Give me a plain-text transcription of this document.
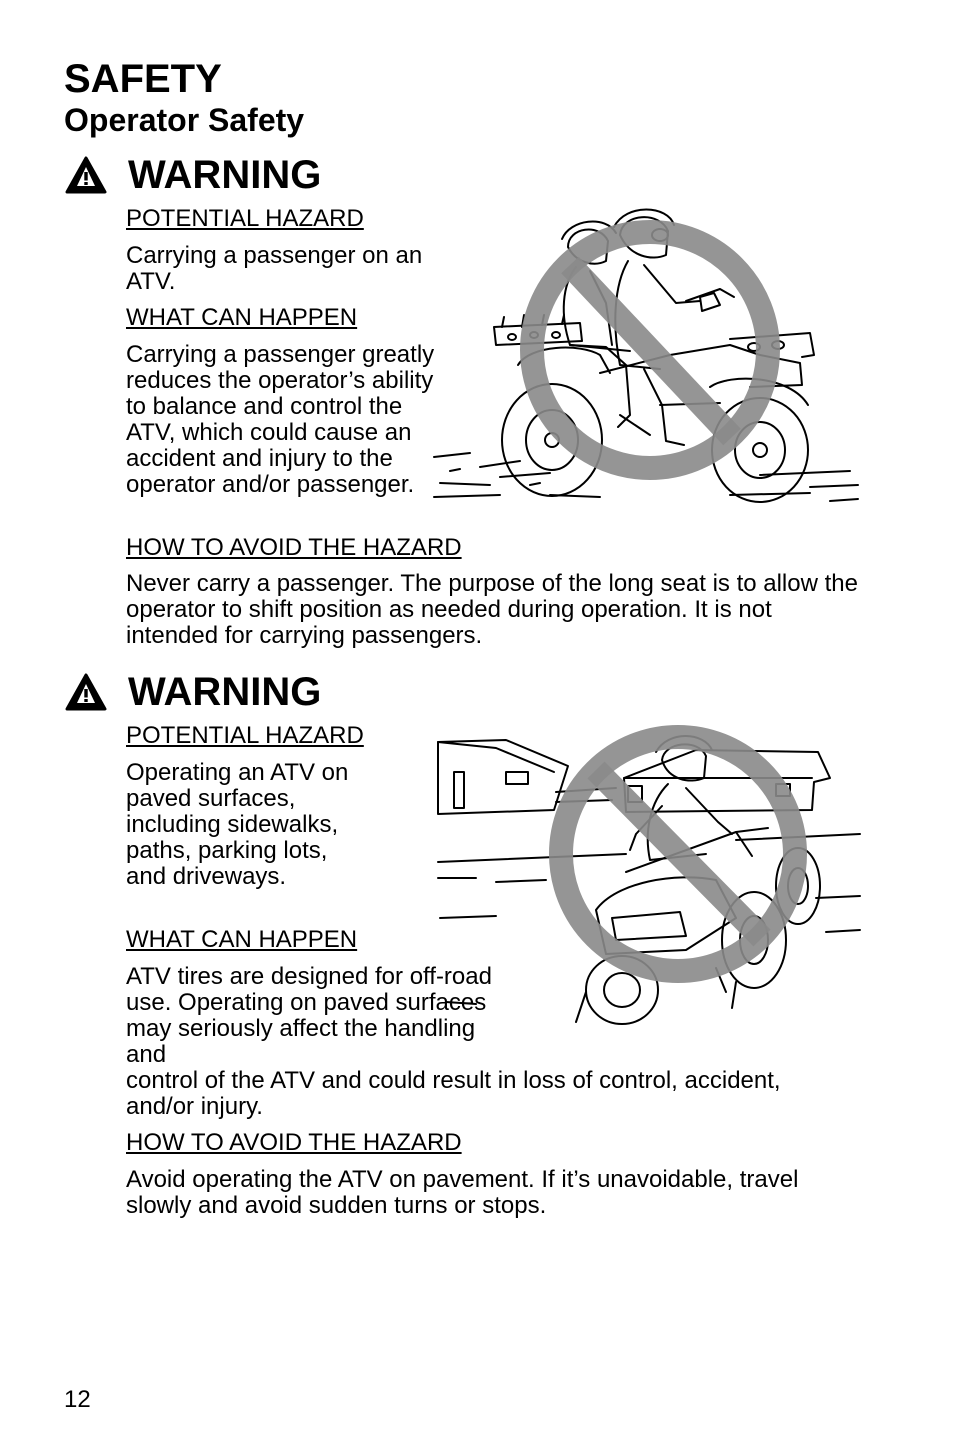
SAFETY
Operator Safety
WARNING

POTENTIAL HAZARD

Carrying a passenger on an ATV.

WHAT CAN HAPPEN

Carrying a passenger greatly reduces the operator’s ability to balance and control the ATV, which could cause an accident and injury to the operator and/or passenger.

HOW TO AVOID THE HAZARD

Never carry a passenger. The purpose of the long seat is to allow the operator to shift position as needed during operation. It is not intended for carrying passengers.

WARNING

POTENTIAL HAZARD

Operating an ATV on paved surfaces, including sidewalks, paths, parking lots, and driveways.

WHAT CAN HAPPEN

ATV tires are designed for off-road use. Operating on paved surfaces may seriously affect the handling and

control of the ATV and could result in loss of control, accident, and/or injury.

HOW TO AVOID THE HAZARD

Avoid operating the ATV on pavement. If it’s unavoidable, travel slowly and avoid sudden turns or stops.

12
